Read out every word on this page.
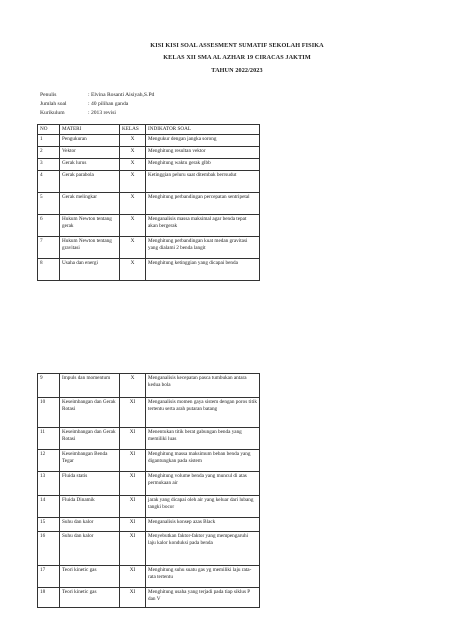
KISI KISI SOAL ASSESMENT SUMATIF SEKOLAH FISIKA
KELAS XII SMA AL AZHAR 19 CIRACAS JAKTIM
TAHUN 2022/2023
Penulis	: Elvina Rosanti Aisiyah,S.Pd
Jumlah soal	: 40 pilihan ganda
Kurikulum	: 2013 revisi
NO	MATERI	KELAS	INDIKATOR SOAL
1	Pengukuran	X	Mengukur dengan jangka sorong
2	Vektor	X	Menghitung resultan vektor
3	Gerak lurus	X	Menghitung waktu gerak glbb
4	Gerak parabola	X	Ketinggian peluru saat ditembak berrsudut
5	Gerak melingkar	X	Menghitung perbandingan percepatan sentripetal
6	Hukum Newton tentang gerak	X	Menganalisis massa maksimal agar benda tepat akan bergerak
7	Hukum Newton tentang gravitasi	X	Menghitung perbandingan kuat medan gravitasi yang dialami 2 benda langit
8	Usaha dan energi	X	Menghitung ketinggian yang dicapai benda
9	Impuls dan momentum	X	Menganalisis kecepatan pasca tumbukan antara kedua bola
10	Keseimbangan dan Gerak Rotasi	XI	Menganalisis momen gaya sistem dengan poros titik tertentu serta arah putaran batang
11	Keseimbangan dan Gerak Rotasi	XI	Menentukan titik berat gabungan benda yang memiliki luas
12	Keseimbangan Benda Tegar	XI	Menghitung massa maksimum beban benda yang digantungkan pada sistem
13	Fluida statis	XI	Menghitung volume benda yang muncul di atas permukaan air
14	Fluida Dinamik	XI	jarak yang dicapai oleh air yang keluar dari lubang tangki bocor
15	Suhu dan kalor	XI	Menganalisis konsep azas Black
16	Suhu dan kalor	XI	Menyebutkan faktor-faktor yang mempengaruhi laju kalor konduksi pada benda
17	Teori kinetic gas	XI	Menghitung suhu suatu gas yg memiliki laju rata-rata tertentu
18	Teori kinetic gas	XI	Menghitung usaha yang terjadi pada tiap siklus P dan V
